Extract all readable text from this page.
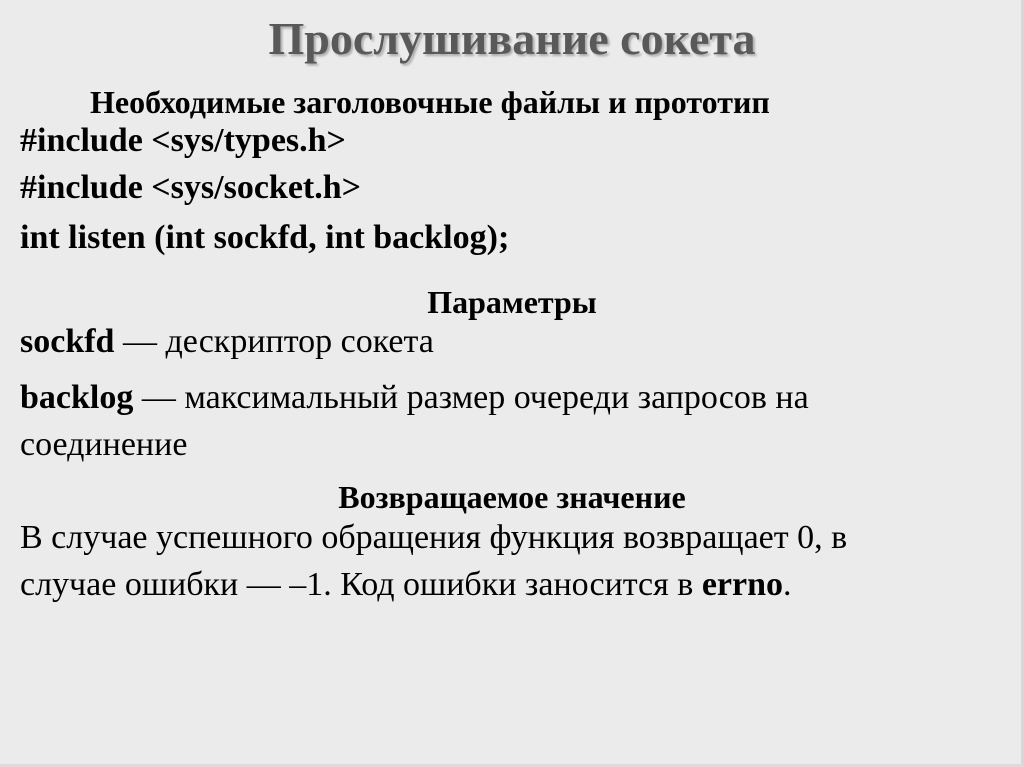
Прослушивание сокета
Необходимые заголовочные файлы и прототип
#include <sys/types.h>
#include <sys/socket.h>
int listen (int sockfd, int backlog);
Параметры
sockfd — дескриптор сокета
backlog — максимальный размер очереди запросов на
соединение
Возвращаемое значение
В случае успешного обращения функция возвращает 0, в
случае ошибки — –1. Код ошибки заносится в errno.
